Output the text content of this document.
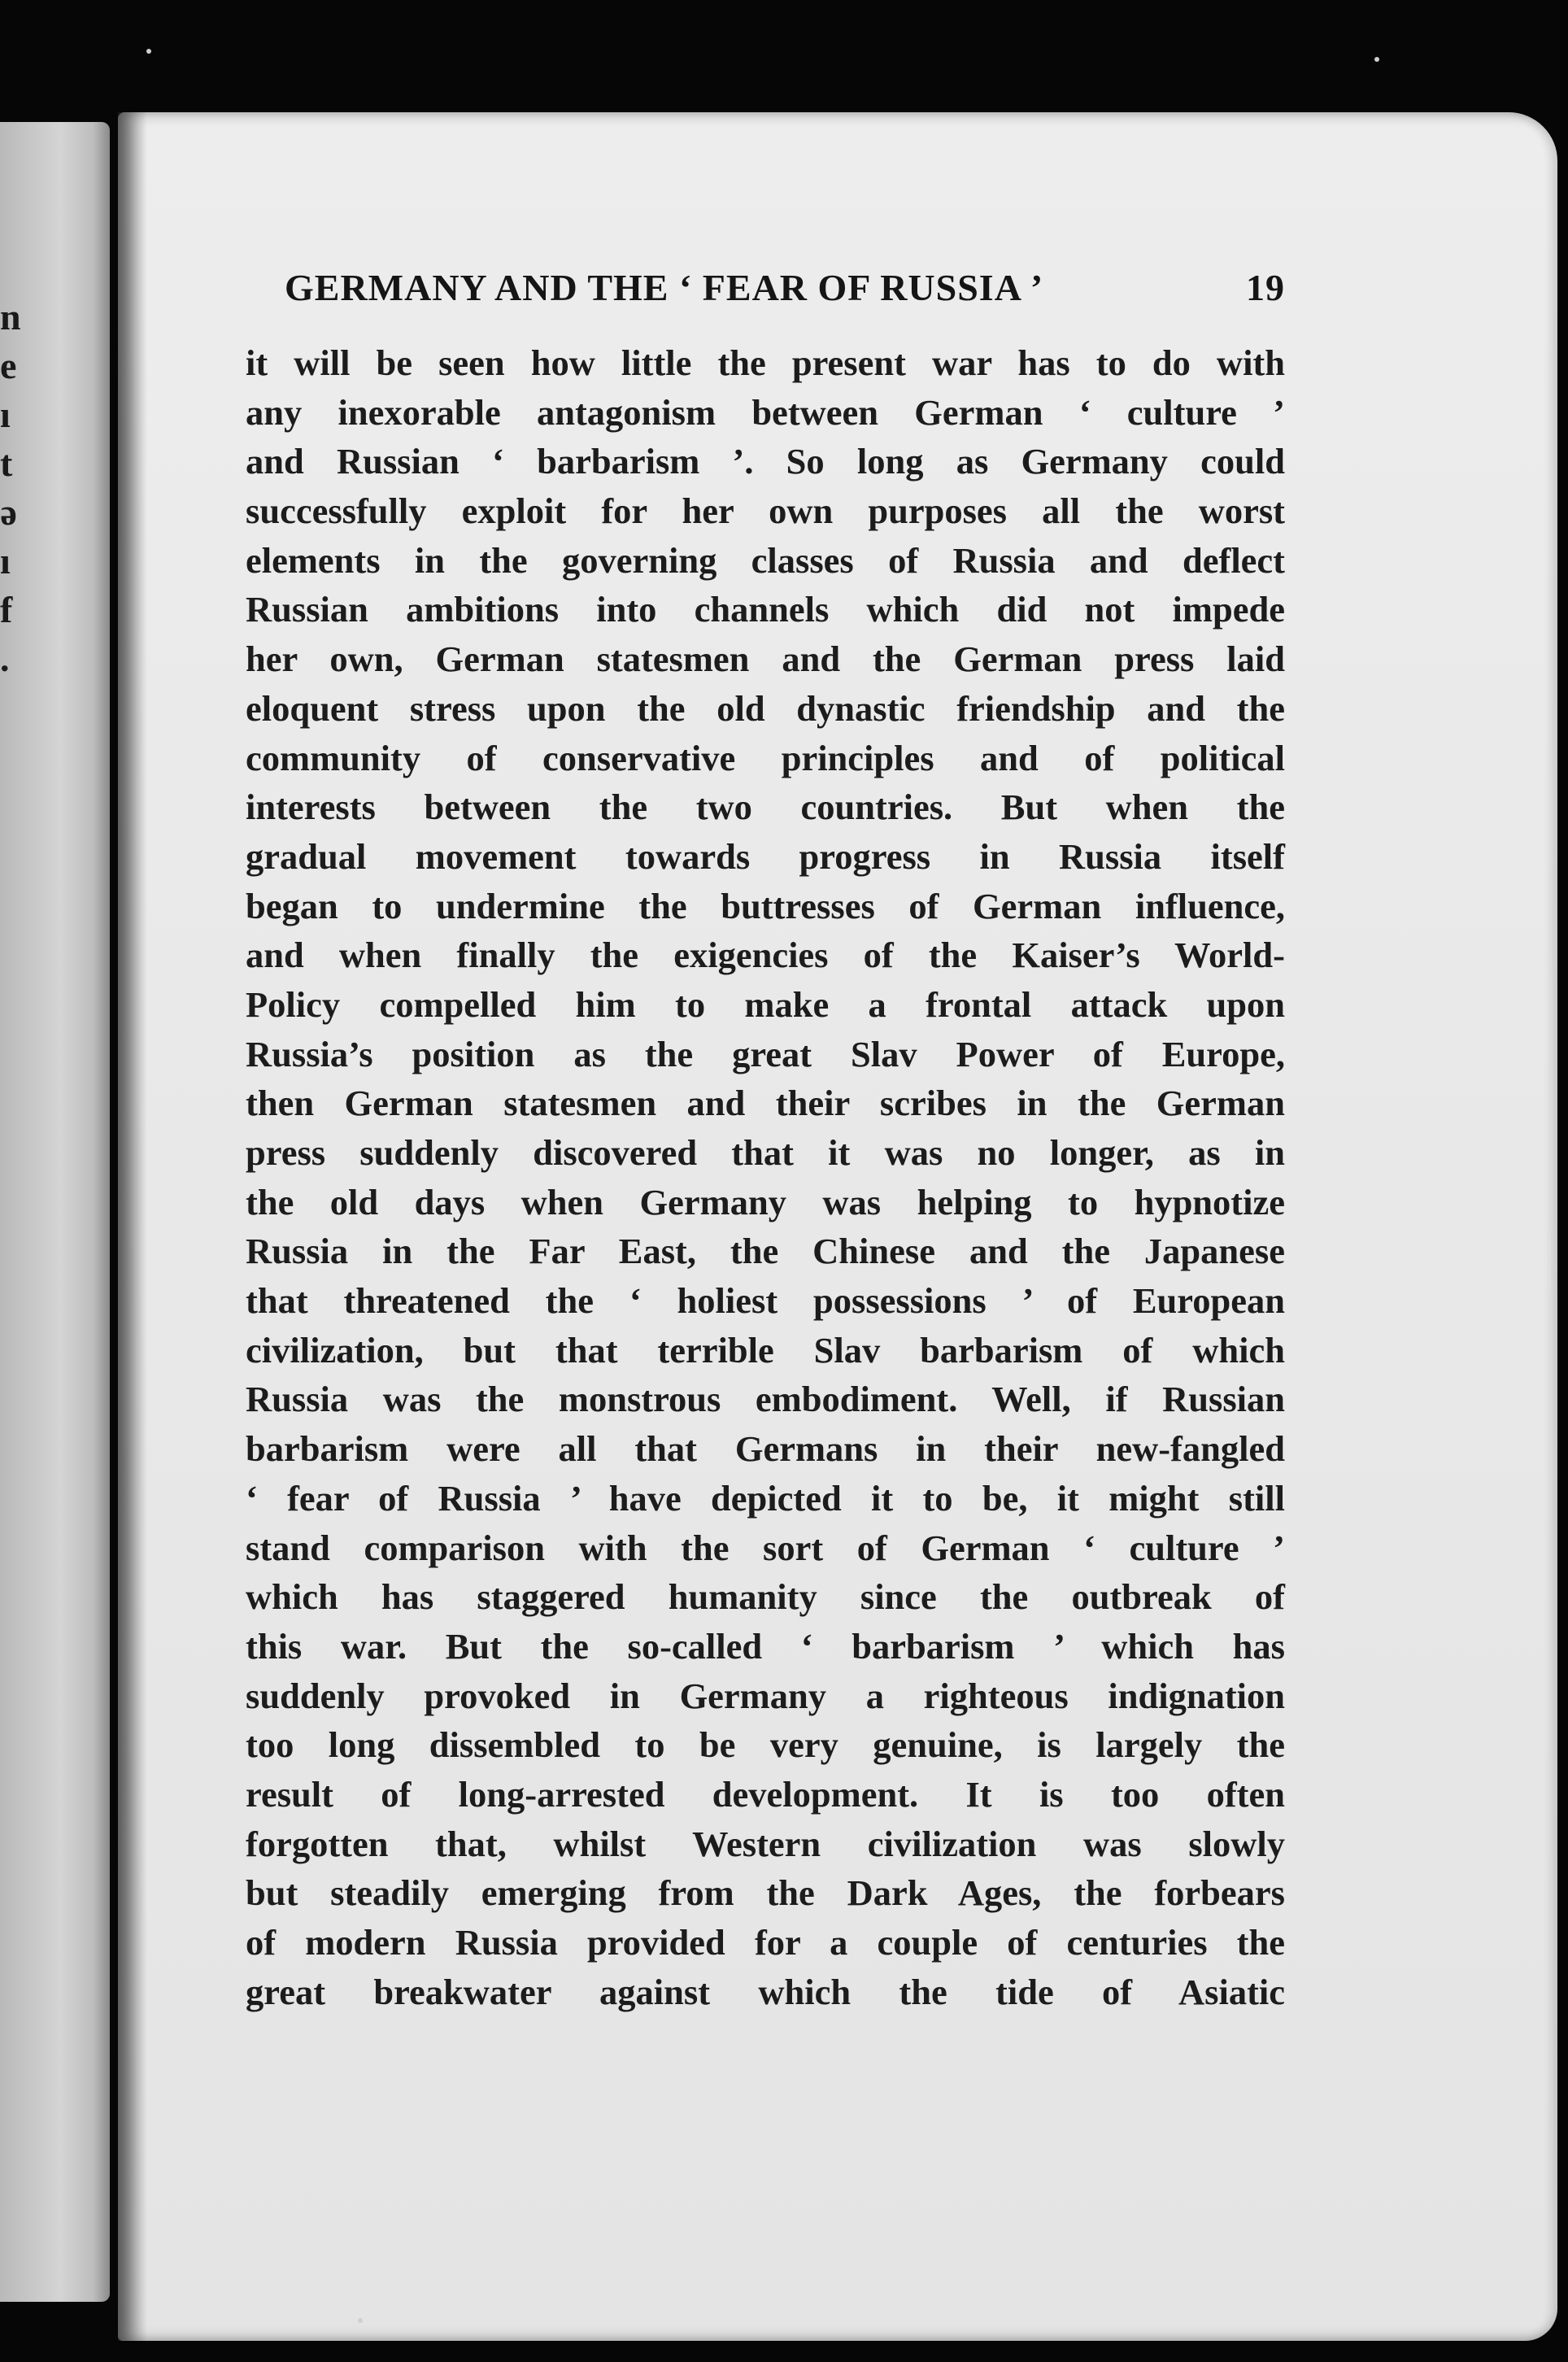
n
e
ı
t
ǝ
ı
f
.
GERMANY AND THE ‘ FEAR OF RUSSIA ’	19
it will be seen how little the present war has to do with
any inexorable antagonism between German ‘ culture ’
and Russian ‘ barbarism ’. So long as Germany could
successfully exploit for her own purposes all the worst
elements in the governing classes of Russia and deflect
Russian ambitions into channels which did not impede
her own, German statesmen and the German press laid
eloquent stress upon the old dynastic friendship and the
community of conservative principles and of political
interests between the two countries. But when the
gradual movement towards progress in Russia itself
began to undermine the buttresses of German influence,
and when finally the exigencies of the Kaiser’s World-
Policy compelled him to make a frontal attack upon
Russia’s position as the great Slav Power of Europe,
then German statesmen and their scribes in the German
press suddenly discovered that it was no longer, as in
the old days when Germany was helping to hypnotize
Russia in the Far East, the Chinese and the Japanese
that threatened the ‘ holiest possessions ’ of European
civilization, but that terrible Slav barbarism of which
Russia was the monstrous embodiment. Well, if Russian
barbarism were all that Germans in their new-fangled
‘ fear of Russia ’ have depicted it to be, it might still
stand comparison with the sort of German ‘ culture ’
which has staggered humanity since the outbreak of
this war. But the so-called ‘ barbarism ’ which has
suddenly provoked in Germany a righteous indignation
too long dissembled to be very genuine, is largely the
result of long-arrested development. It is too often
forgotten that, whilst Western civilization was slowly
but steadily emerging from the Dark Ages, the forbears
of modern Russia provided for a couple of centuries the
great breakwater against which the tide of Asiatic
